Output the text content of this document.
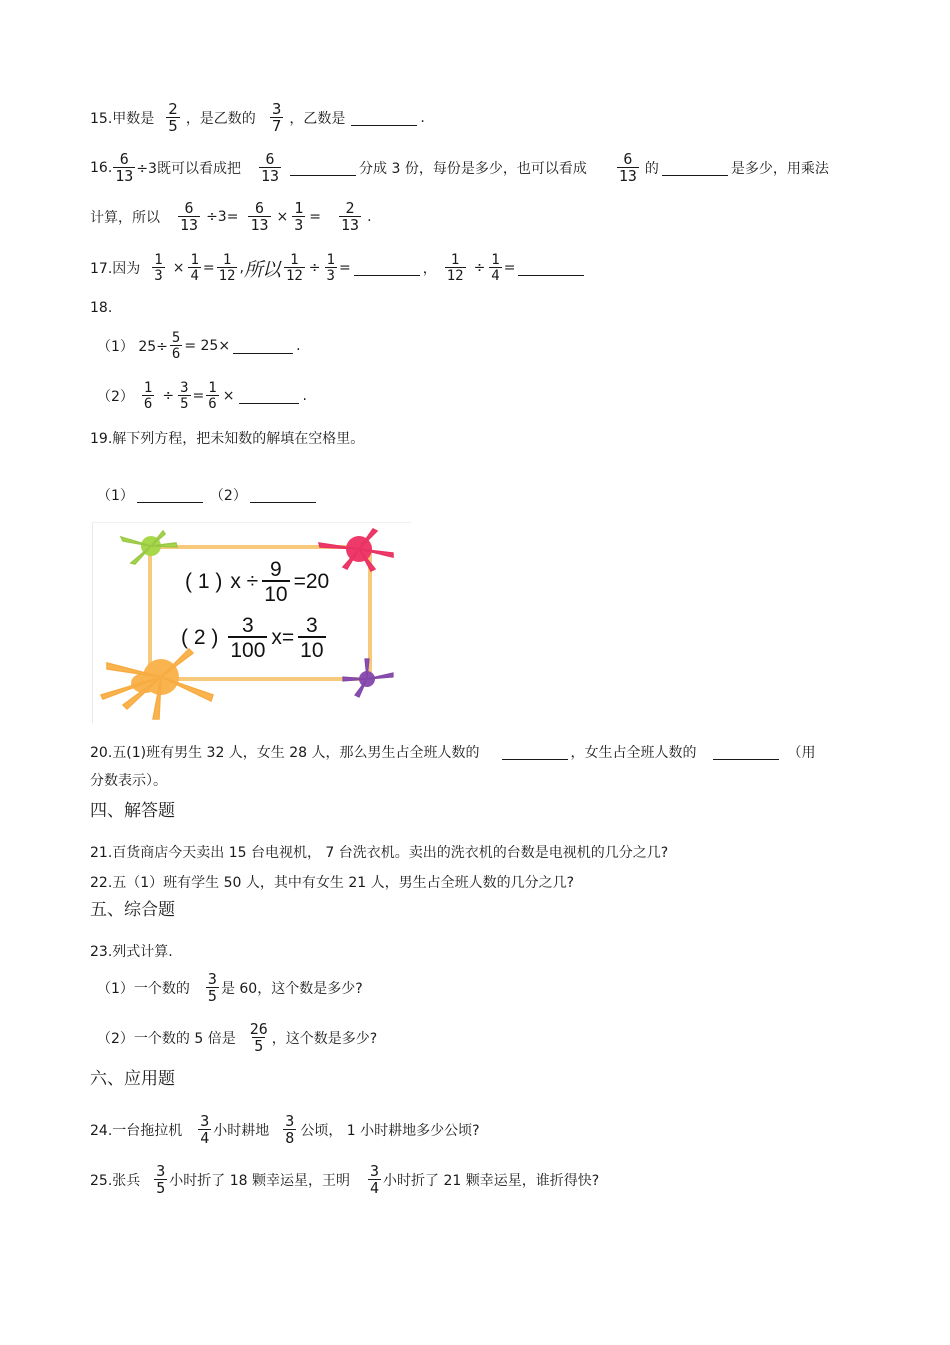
15.甲数是 $\frac{2}{5}$ ，是乙数的 $\frac{3}{7}$ ，乙数是	.
16. $\frac{6}{13} \div 3$既可以看成把 $\frac{6}{13}$	分成 3 份，每份是多少，也可以看成 $\frac{6}{13}$ 的	是多少，用乘法
计算，所以 $\frac{6}{13} \div 3= \frac{6}{13} \times \frac{1}{3} = \frac{2}{13}$ .
17.因为 $\frac{1}{3} \times \frac{1}{4} = \frac{1}{12}$ , 所以 $\frac{1}{12} \div \frac{1}{3}$ =	， $\frac{1}{12} \div \frac{1}{4}$ =
18.
（1） $25\div \frac{5}{6} = 25\times$	.
$(2) \frac{1}{6} \div \frac{3}{5} = \frac{1}{6}$ ×	.
19.解下列方程，把未知数的解填在空格里。
（1）	（2）
( 1 ) $x \div \frac{9}{10} =20$
( 2 ) $\frac{3}{100} x= \frac{3}{10}$
20.五(1)班有男生 32 人，女生 28 人，那么男生占全班人数的	，女生占全班人数的	（用
分数表示）。
四、解答题
21.百货商店今天卖出 15 台电视机， 7 台洗衣机。卖出的洗衣机的台数是电视机的几分之几?
22.五（1）班有学生 50 人，其中有女生 21 人，男生占全班人数的几分之几?
五、综合题
23.列式计算.
（1）一个数的 $\frac{3}{5}$ 是 60，这个数是多少?
（2）一个数的 5 倍是 $\frac{26}{5}$ ，这个数是多少?
六、应用题
24.一台拖拉机 $\frac{3}{4}$ 小时耕地 $\frac{3}{8}$ 公顷， 1 小时耕地多少公顷?
25.张兵 $\frac{3}{5}$ 小时折了 18 颗幸运星，王明 $\frac{3}{4}$ 小时折了 21 颗幸运星，谁折得快?
